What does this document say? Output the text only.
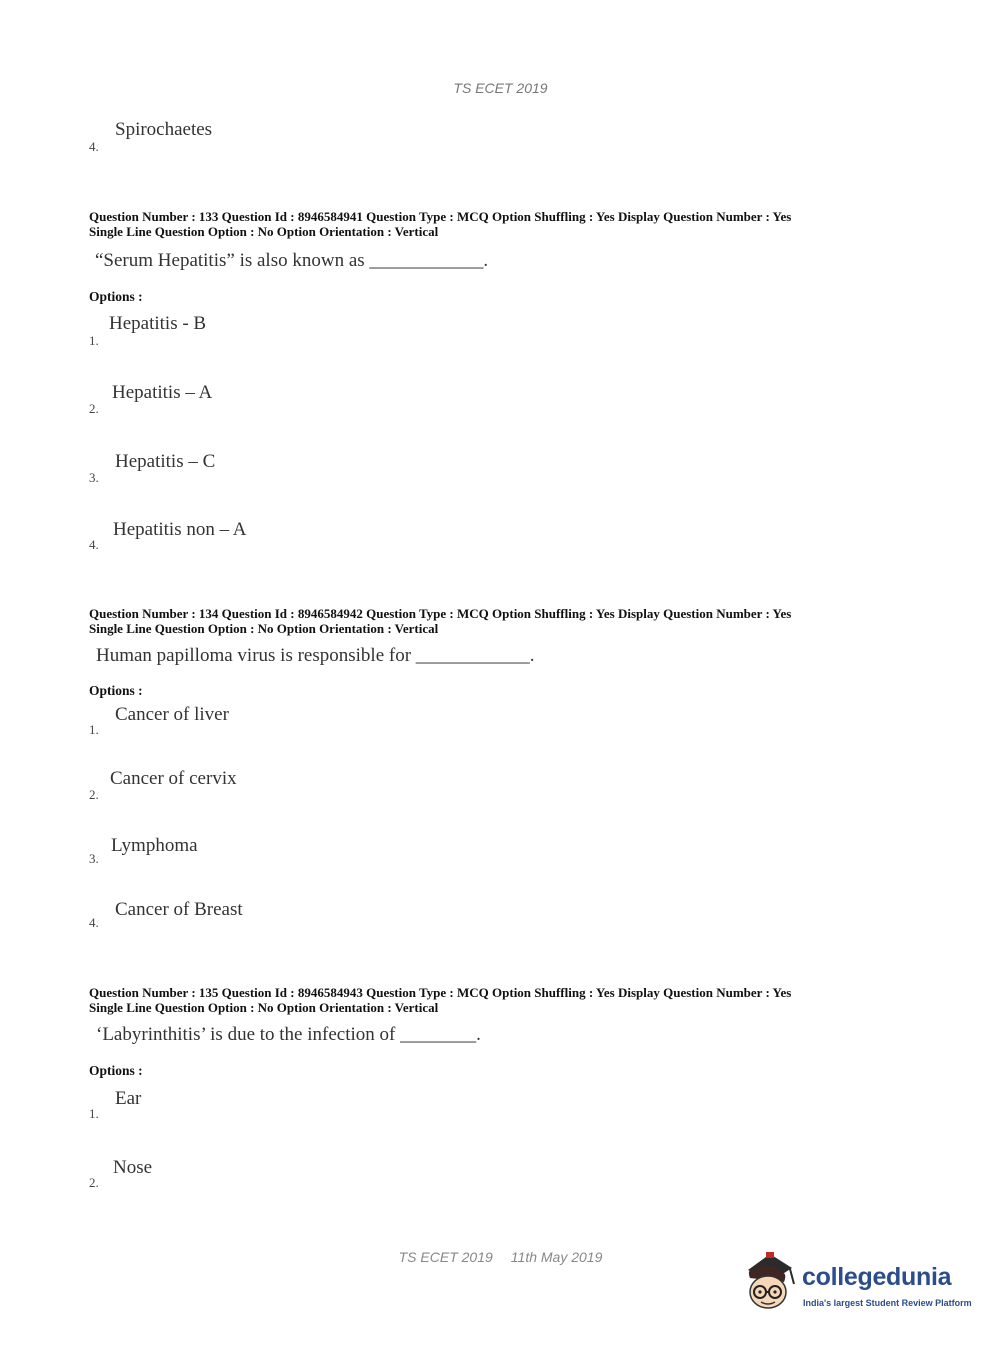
TS ECET 2019
4.
Spirochaetes
Question Number : 133 Question Id : 8946584941 Question Type : MCQ Option Shuffling : Yes Display Question Number : Yes
Single Line Question Option : No Option Orientation : Vertical
“Serum Hepatitis” is also known as ____________.
Options :
1.
Hepatitis - B
2.
Hepatitis – A
3.
Hepatitis – C
4.
Hepatitis non – A
Question Number : 134 Question Id : 8946584942 Question Type : MCQ Option Shuffling : Yes Display Question Number : Yes
Single Line Question Option : No Option Orientation : Vertical
Human papilloma virus is responsible for ____________.
Options :
1.
Cancer of liver
2.
Cancer of cervix
3.
Lymphoma
4.
Cancer of Breast
Question Number : 135 Question Id : 8946584943 Question Type : MCQ Option Shuffling : Yes Display Question Number : Yes
Single Line Question Option : No Option Orientation : Vertical
‘Labyrinthitis’ is due to the infection of ________.
Options :
1.
Ear
2.
Nose
TS ECET 2019 11th May 2019
collegedunia
India's largest Student Review Platform
